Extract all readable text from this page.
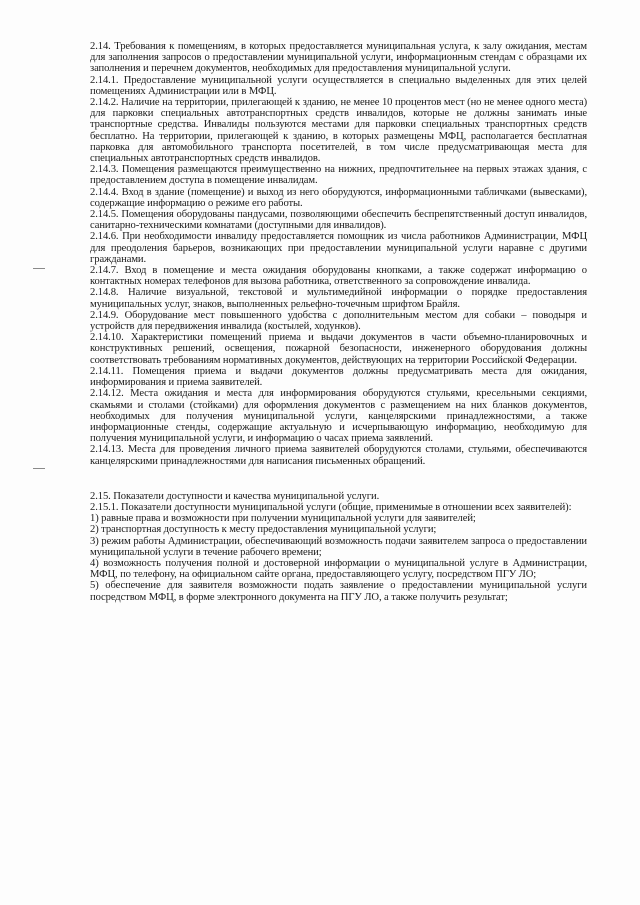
2.14. Требования к помещениям, в которых предоставляется муниципальная услуга, к залу ожидания, местам для заполнения запросов о предоставлении муниципальной услуги, информационным стендам с образцами их заполнения и перечнем документов, необходимых для предоставления муниципальной услуги.

2.14.1. Предоставление муниципальной услуги осуществляется в специально выделенных для этих целей помещениях Администрации или в МФЦ.

2.14.2. Наличие на территории, прилегающей к зданию, не менее 10 процентов мест (но не менее одного места) для парковки специальных автотранспортных средств инвалидов, которые не должны занимать иные транспортные средства. Инвалиды пользуются местами для парковки специальных транспортных средств бесплатно. На территории, прилегающей к зданию, в которых размещены МФЦ, располагается бесплатная парковка для автомобильного транспорта посетителей, в том числе предусматривающая места для специальных автотранспортных средств инвалидов.

2.14.3. Помещения размещаются преимущественно на нижних, предпочтительнее на первых этажах здания, с предоставлением доступа в помещение инвалидам.

2.14.4. Вход в здание (помещение) и выход из него оборудуются, информационными табличками (вывесками), содержащие информацию о режиме его работы.

2.14.5. Помещения оборудованы пандусами, позволяющими обеспечить беспрепятственный доступ инвалидов, санитарно-техническими комнатами (доступными для инвалидов).

2.14.6. При необходимости инвалиду предоставляется помощник из числа работников Администрации, МФЦ для преодоления барьеров, возникающих при предоставлении муниципальной услуги наравне с другими гражданами.

2.14.7. Вход в помещение и места ожидания оборудованы кнопками, а также содержат информацию о контактных номерах телефонов для вызова работника, ответственного за сопровождение инвалида.

2.14.8. Наличие визуальной, текстовой и мультимедийной информации о порядке предоставления муниципальных услуг, знаков, выполненных рельефно-точечным шрифтом Брайля.

2.14.9. Оборудование мест повышенного удобства с дополнительным местом для собаки – поводыря и устройств для передвижения инвалида (костылей, ходунков).

2.14.10. Характеристики помещений приема и выдачи документов в части объемно-планировочных и конструктивных решений, освещения, пожарной безопасности, инженерного оборудования должны соответствовать требованиям нормативных документов, действующих на территории Российской Федерации.

2.14.11. Помещения приема и выдачи документов должны предусматривать места для ожидания, информирования и приема заявителей.

2.14.12. Места ожидания и места для информирования оборудуются стульями, кресельными секциями, скамьями и столами (стойками) для оформления документов с размещением на них бланков документов, необходимых для получения муниципальной услуги, канцелярскими принадлежностями, а также информационные стенды, содержащие актуальную и исчерпывающую информацию, необходимую для получения муниципальной услуги, и информацию о часах приема заявлений.

2.14.13. Места для проведения личного приема заявителей оборудуются столами, стульями, обеспечиваются канцелярскими принадлежностями для написания письменных обращений.

2.15. Показатели доступности и качества муниципальной услуги.

2.15.1. Показатели доступности муниципальной услуги (общие, применимые в отношении всех заявителей):

1) равные права и возможности при получении муниципальной услуги для заявителей;

2) транспортная доступность к месту предоставления муниципальной услуги;

3) режим работы Администрации, обеспечивающий возможность подачи заявителем запроса о предоставлении муниципальной услуги в течение рабочего времени;

4) возможность получения полной и достоверной информации о муниципальной услуге в Администрации, МФЦ, по телефону, на официальном сайте органа, предоставляющего услугу, посредством ПГУ ЛО;

5) обеспечение для заявителя возможности подать заявление о предоставлении муниципальной услуги посредством МФЦ, в форме электронного документа на ПГУ ЛО, а также получить результат;
